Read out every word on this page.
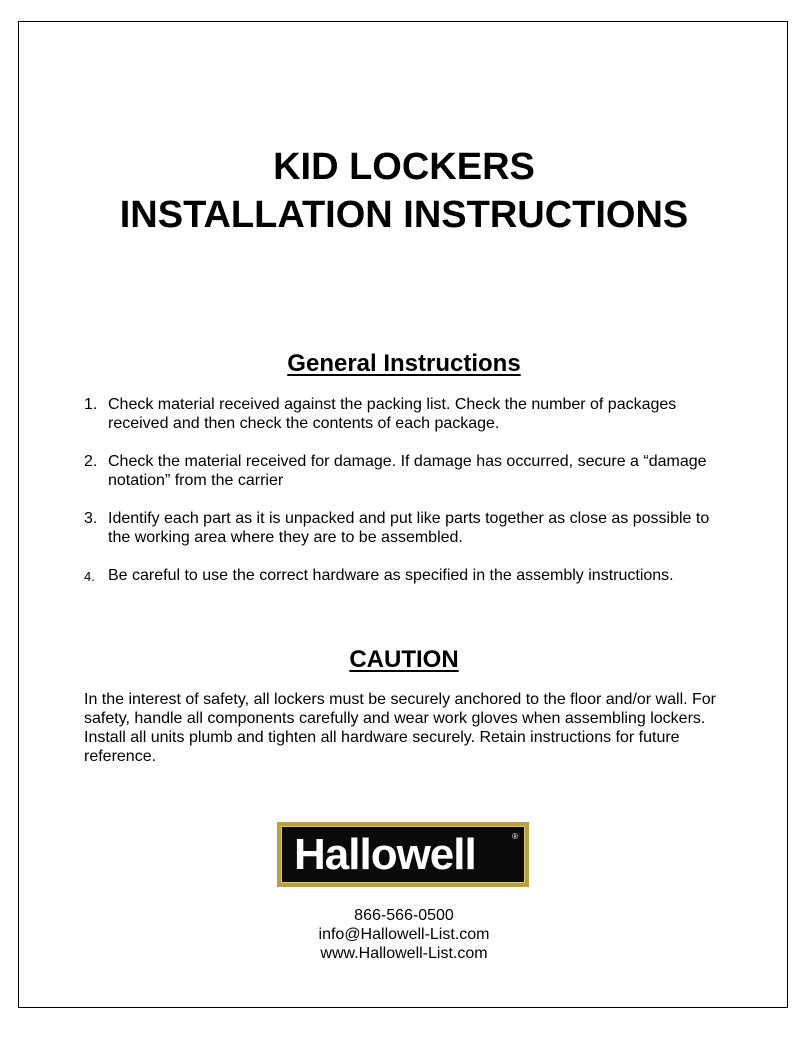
KID LOCKERS
INSTALLATION INSTRUCTIONS
General Instructions
1. Check material received against the packing list. Check the number of packages received and then check the contents of each package.
2. Check the material received for damage. If damage has occurred, secure a “damage notation” from the carrier
3. Identify each part as it is unpacked and put like parts together as close as possible to the working area where they are to be assembled.
4. Be careful to use the correct hardware as specified in the assembly instructions.
CAUTION

In the interest of safety, all lockers must be securely anchored to the floor and/or wall. For safety, handle all components carefully and wear work gloves when assembling lockers. Install all units plumb and tighten all hardware securely. Retain instructions for future reference.

Hallowell	®
866-566-0500
info@Hallowell-List.com
www.Hallowell-List.com
